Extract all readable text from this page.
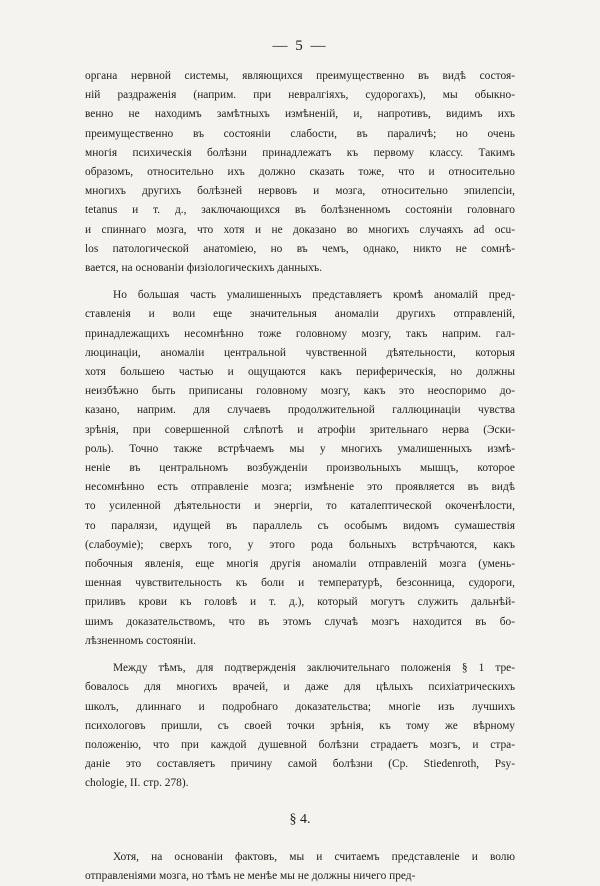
— 5 —
органа нервной системы, являющихся преимущественно въ видѣ состоя-
ній раздраженія (наприм. при невралгіяхъ, судорогахъ), мы обыкно-
венно не находимъ замѣтныхъ измѣненій, и, напротивъ, видимъ ихъ
преимущественно въ состояніи слабости, въ параличѣ; но очень
многія психическія болѣзни принадлежатъ къ первому классу. Такимъ
образомъ, относительно ихъ должно сказать тоже, что и относительно
многихъ другихъ болѣзней нервовъ и мозга, относительно эпилепсіи,
tetanus и т. д., заключающихся въ болѣзненномъ состояніи головнаго
и спиннаго мозга, что хотя и не доказано во многихъ случаяхъ ad ocu-
los патологической анатоміею, но въ чемъ, однако, никто не сомнѣ-
вается, на основаніи физіологическихъ данныхъ.
Но большая часть умалишенныхъ представляетъ кромѣ аномалій пред-
ставленія и воли еще значительныя аномаліи другихъ отправленій,
принадлежащихъ несомнѣнно тоже головному мозгу, такъ наприм. гал-
люцинаціи, аномаліи центральной чувственной дѣятельности, которыя
хотя большею частью и ощущаются какъ периферическія, но должны
неизбѣжно быть приписаны головному мозгу, какъ это неоспоримо до-
казано, наприм. для случаевъ продолжительной галлюцинаціи чувства
зрѣнія, при совершенной слѣпотѣ и атрофіи зрительнаго нерва (Эски-
роль). Точно также встрѣчаемъ мы у многихъ умалишенныхъ измѣ-
неніе въ центральномъ возбужденіи произвольныхъ мышцъ, которое
несомнѣнно есть отправленіе мозга; измѣненіе это проявляется въ видѣ
то усиленной дѣятельности и энергіи, то каталептической окоченѣлости,
то паралязи, идущей въ параллель съ особымъ видомъ сумашествія
(слабоуміе); сверхъ того, у этого рода больныхъ встрѣчаются, какъ
побочныя явленія, еще многія другія аномаліи отправленій мозга (умень-
шенная чувствительность къ боли и температурѣ, безсонница, судороги,
приливъ крови къ головѣ и т. д.), который могутъ служить дальнѣй-
шимъ доказательствомъ, что въ этомъ случаѣ мозгъ находится въ бо-
лѣзненномъ состояніи.
Между тѣмъ, для подтвержденія заключительнаго положенія § 1 тре-
бовалось для многихъ врачей, и даже для цѣлыхъ психіатрическихъ
школъ, длиннаго и подробнаго доказательства; многіе изъ лучшихъ
психологовъ пришли, съ своей точки зрѣнія, къ тому же вѣрному
положенію, что при каждой душевной болѣзни страдаетъ мозгъ, и стра-
даніе это составляетъ причину самой болѣзни (Cp. Stiedenroth, Psy-
chologie, II. стр. 278).
§ 4.
Хотя, на основаніи фактовъ, мы и считаемъ представленіе и волю
отправленіями мозга, но тѣмъ не менѣе мы не должны ничего пред-
